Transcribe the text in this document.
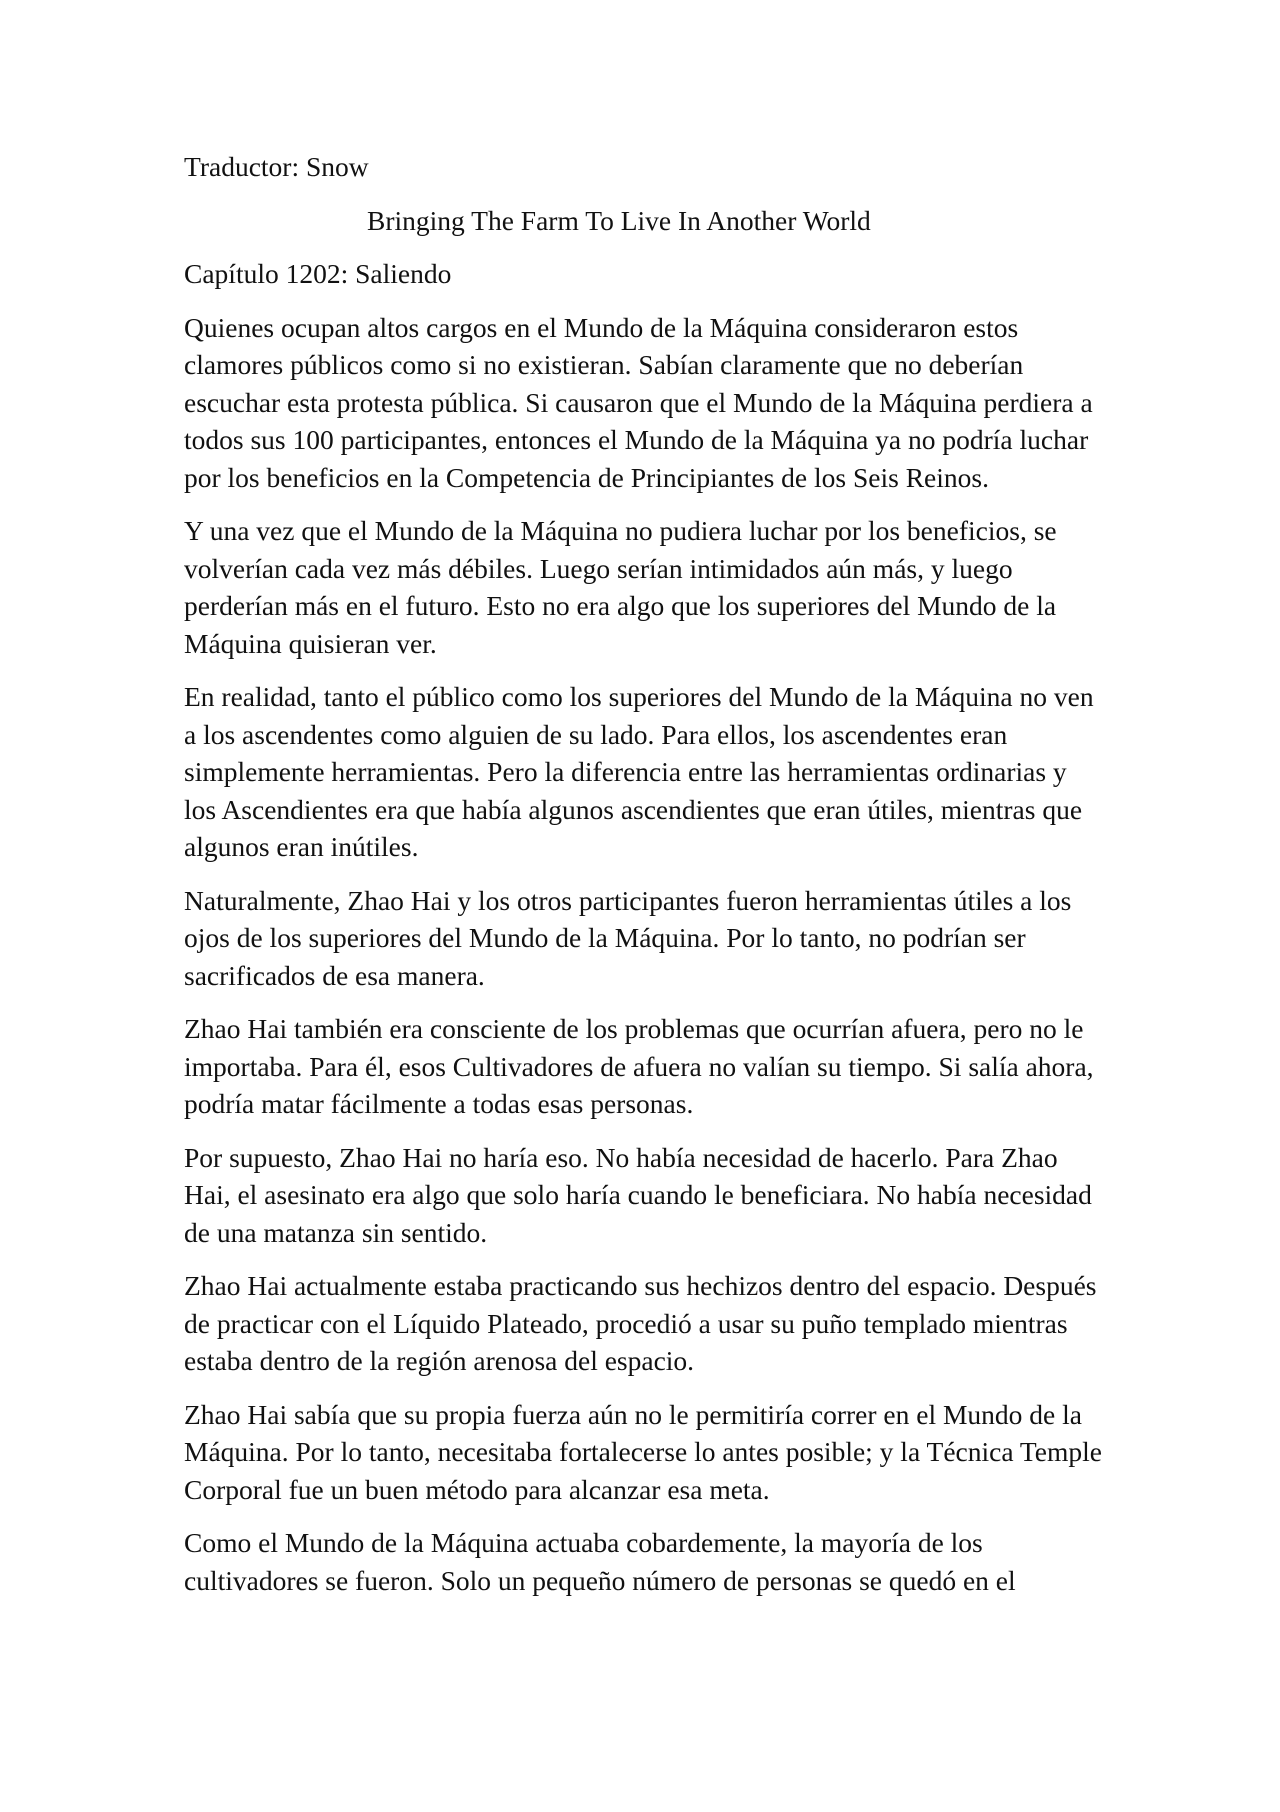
Traductor: Snow

Bringing The Farm To Live In Another World

Capítulo 1202: Saliendo

Quienes ocupan altos cargos en el Mundo de la Máquina consideraron estos clamores públicos como si no existieran. Sabían claramente que no deberían escuchar esta protesta pública. Si causaron que el Mundo de la Máquina perdiera a todos sus 100 participantes, entonces el Mundo de la Máquina ya no podría luchar por los beneficios en la Competencia de Principiantes de los Seis Reinos.

Y una vez que el Mundo de la Máquina no pudiera luchar por los beneficios, se volverían cada vez más débiles. Luego serían intimidados aún más, y luego perderían más en el futuro. Esto no era algo que los superiores del Mundo de la Máquina quisieran ver.

En realidad, tanto el público como los superiores del Mundo de la Máquina no ven a los ascendentes como alguien de su lado. Para ellos, los ascendentes eran simplemente herramientas. Pero la diferencia entre las herramientas ordinarias y los Ascendientes era que había algunos ascendientes que eran útiles, mientras que algunos eran inútiles.

Naturalmente, Zhao Hai y los otros participantes fueron herramientas útiles a los ojos de los superiores del Mundo de la Máquina. Por lo tanto, no podrían ser sacrificados de esa manera.

Zhao Hai también era consciente de los problemas que ocurrían afuera, pero no le importaba. Para él, esos Cultivadores de afuera no valían su tiempo. Si salía ahora, podría matar fácilmente a todas esas personas.

Por supuesto, Zhao Hai no haría eso. No había necesidad de hacerlo. Para Zhao Hai, el asesinato era algo que solo haría cuando le beneficiara. No había necesidad de una matanza sin sentido.

Zhao Hai actualmente estaba practicando sus hechizos dentro del espacio. Después de practicar con el Líquido Plateado, procedió a usar su puño templado mientras estaba dentro de la región arenosa del espacio.

Zhao Hai sabía que su propia fuerza aún no le permitiría correr en el Mundo de la Máquina. Por lo tanto, necesitaba fortalecerse lo antes posible; y la Técnica Temple Corporal fue un buen método para alcanzar esa meta.

Como el Mundo de la Máquina actuaba cobardemente, la mayoría de los cultivadores se fueron. Solo un pequeño número de personas se quedó en el
